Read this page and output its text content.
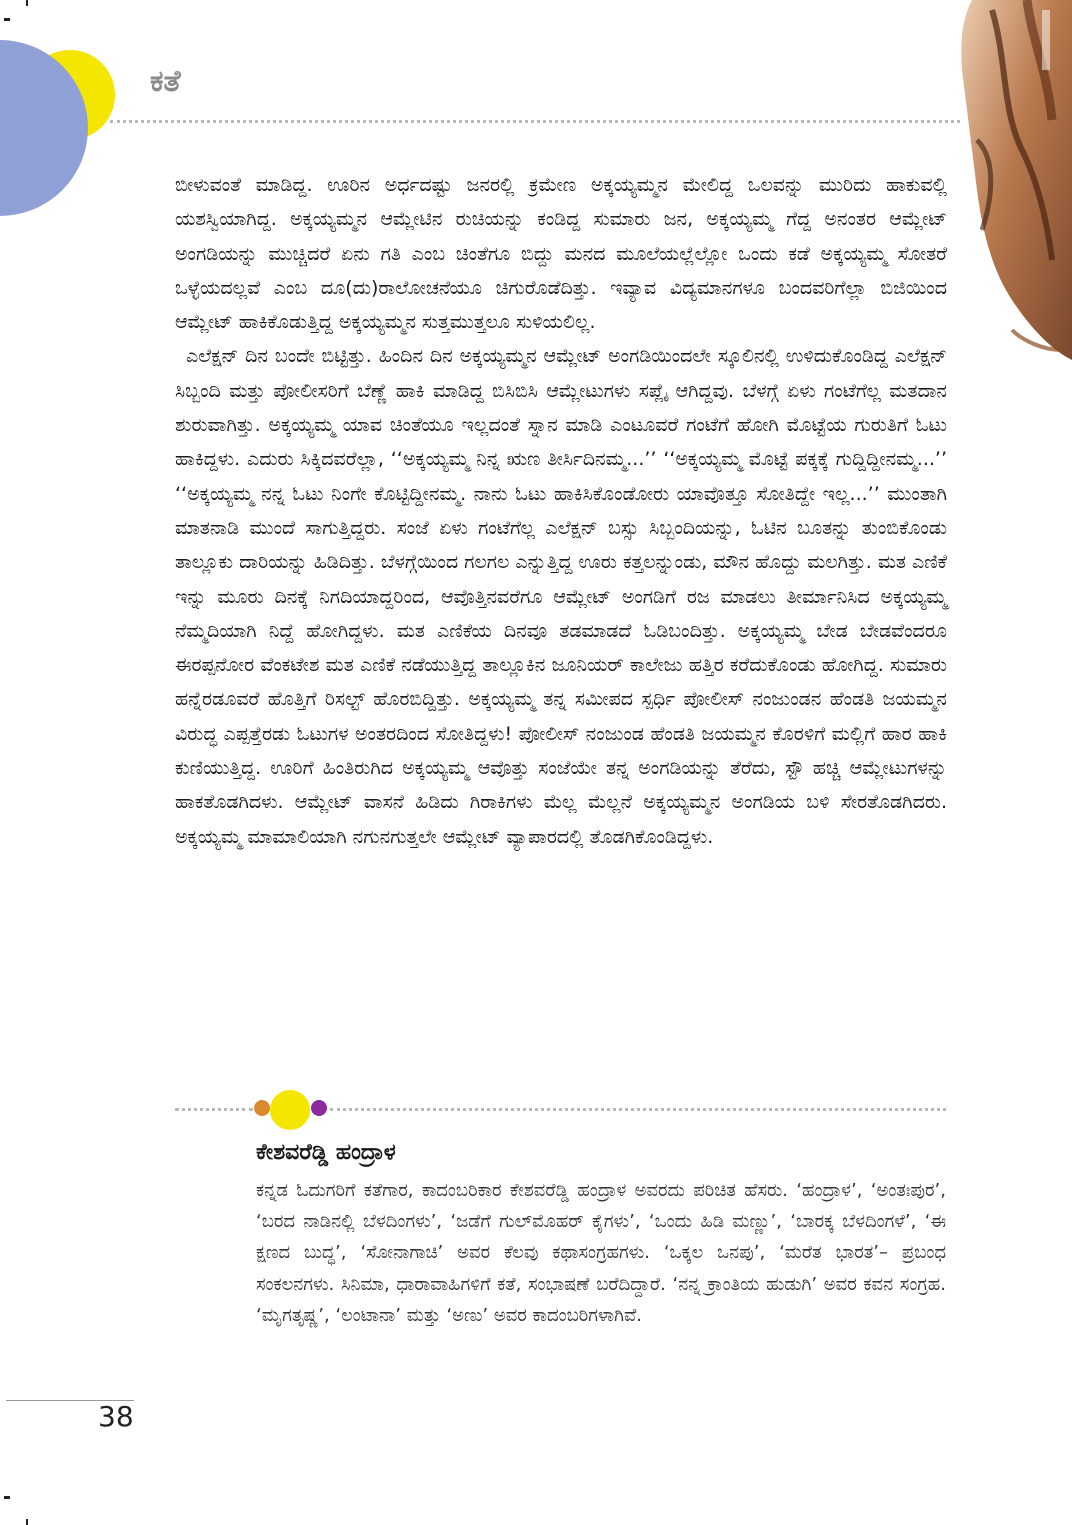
ಕತೆ

ಬೀಳುವಂತೆ ಮಾಡಿದ್ದ. ಊರಿನ ಅರ್ಧದಷ್ಟು ಜನರಲ್ಲಿ ಕ್ರಮೇಣ ಅಕ್ಕಯ್ಯಮ್ಮನ ಮೇಲಿದ್ದ ಒಲವನ್ನು ಮುರಿದು ಹಾಕುವಲ್ಲಿ ಯಶಸ್ವಿಯಾಗಿದ್ದ. ಅಕ್ಕಯ್ಯಮ್ಮನ ಆಮ್ಲೇಟಿನ ರುಚಿಯನ್ನು ಕಂಡಿದ್ದ ಸುಮಾರು ಜನ, ಅಕ್ಕಯ್ಯಮ್ಮ ಗೆದ್ದ ಅನಂತರ ಆಮ್ಲೇಟ್ ಅಂಗಡಿಯನ್ನು ಮುಚ್ಚಿದರೆ ಏನು ಗತಿ ಎಂಬ ಚಿಂತೆಗೂ ಬಿದ್ದು ಮನದ ಮೂಲೆಯಲ್ಲೆಲ್ಲೋ ಒಂದು ಕಡೆ ಅಕ್ಕಯ್ಯಮ್ಮ ಸೋತರೆ ಒಳ್ಳೆಯದಲ್ಲವೆ ಎಂಬ ದೂ(ದು)ರಾಲೋಚನೆಯೂ ಚಿಗುರೊಡೆದಿತ್ತು. ಇವ್ಯಾವ ವಿದ್ಯಮಾನಗಳೂ ಬಂದವರಿಗೆಲ್ಲಾ ಬಿಜಿಯಿಂದ ಆಮ್ಲೇಟ್ ಹಾಕಿಕೊಡುತ್ತಿದ್ದ ಅಕ್ಕಯ್ಯಮ್ಮನ ಸುತ್ತಮುತ್ತಲೂ ಸುಳಿಯಲಿಲ್ಲ.

ಎಲೆಕ್ಷನ್ ದಿನ ಬಂದೇ ಬಿಟ್ಟಿತ್ತು. ಹಿಂದಿನ ದಿನ ಅಕ್ಕಯ್ಯಮ್ಮನ ಆಮ್ಲೇಟ್ ಅಂಗಡಿಯಿಂದಲೇ ಸ್ಕೂಲಿನಲ್ಲಿ ಉಳಿದುಕೊಂಡಿದ್ದ ಎಲೆಕ್ಷನ್ ಸಿಬ್ಬಂದಿ ಮತ್ತು ಪೋಲೀಸರಿಗೆ ಬೆಣ್ಣೆ ಹಾಕಿ ಮಾಡಿದ್ದ ಬಿಸಿಬಿಸಿ ಆಮ್ಲೇಟುಗಳು ಸಪ್ಲೈ ಆಗಿದ್ದವು. ಬೆಳಗ್ಗೆ ಏಳು ಗಂಟೆಗೆಲ್ಲ ಮತದಾನ ಶುರುವಾಗಿತ್ತು. ಅಕ್ಕಯ್ಯಮ್ಮ ಯಾವ ಚಿಂತೆಯೂ ಇಲ್ಲದಂತೆ ಸ್ನಾನ ಮಾಡಿ ಎಂಟೂವರೆ ಗಂಟೆಗೆ ಹೋಗಿ ಮೊಟ್ಟೆಯ ಗುರುತಿಗೆ ಓಟು ಹಾಕಿದ್ದಳು. ಎದುರು ಸಿಕ್ಕಿದವರೆಲ್ಲಾ, ‘‘ಅಕ್ಕಯ್ಯಮ್ಮ ನಿನ್ನ ಋಣ ತೀರ್ಸಿದಿನಮ್ಮ...’’ ‘‘ಅಕ್ಕಯ್ಯಮ್ಮ ಮೊಟ್ಟೆ ಪಕ್ಕಕ್ಕೆ ಗುದ್ದಿದ್ದೀನಮ್ಮ...’’ ‘‘ಅಕ್ಕಯ್ಯಮ್ಮ ನನ್ನ ಓಟು ನಿಂಗೇ ಕೊಟ್ಟಿದ್ದೀನಮ್ಮ. ನಾನು ಓಟು ಹಾಕಿಸಿಕೊಂಡೋರು ಯಾವೊತ್ತೂ ಸೋತಿದ್ದೇ ಇಲ್ಲ...’’ ಮುಂತಾಗಿ ಮಾತನಾಡಿ ಮುಂದೆ ಸಾಗುತ್ತಿದ್ದರು. ಸಂಜೆ ಏಳು ಗಂಟೆಗೆಲ್ಲ ಎಲೆಕ್ಷನ್ ಬಸ್ಸು ಸಿಬ್ಬಂದಿಯನ್ನು, ಓಟಿನ ಬೂತನ್ನು ತುಂಬಿಕೊಂಡು ತಾಲ್ಲೂಕು ದಾರಿಯನ್ನು ಹಿಡಿದಿತ್ತು. ಬೆಳಗ್ಗೆಯಿಂದ ಗಲಗಲ ಎನ್ನುತ್ತಿದ್ದ ಊರು ಕತ್ತಲನ್ನುಂಡು, ಮೌನ ಹೊದ್ದು ಮಲಗಿತ್ತು. ಮತ ಎಣಿಕೆ ಇನ್ನು ಮೂರು ದಿನಕ್ಕೆ ನಿಗದಿಯಾದ್ದರಿಂದ, ಆವೊತ್ತಿನವರೆಗೂ ಆಮ್ಲೇಟ್ ಅಂಗಡಿಗೆ ರಜ ಮಾಡಲು ತೀರ್ಮಾನಿಸಿದ ಅಕ್ಕಯ್ಯಮ್ಮ ನೆಮ್ಮದಿಯಾಗಿ ನಿದ್ದೆ ಹೋಗಿದ್ದಳು. ಮತ ಎಣಿಕೆಯ ದಿನವೂ ತಡಮಾಡದೆ ಓಡಿಬಂದಿತ್ತು. ಅಕ್ಕಯ್ಯಮ್ಮ ಬೇಡ ಬೇಡವೆಂದರೂ ಈರಪ್ಪನೋರ ವೆಂಕಟೇಶ ಮತ ಎಣಿಕೆ ನಡೆಯುತ್ತಿದ್ದ ತಾಲ್ಲೂಕಿನ ಜೂನಿಯರ್ ಕಾಲೇಜು ಹತ್ತಿರ ಕರೆದುಕೊಂಡು ಹೋಗಿದ್ದ. ಸುಮಾರು ಹನ್ನೆರಡೂವರೆ ಹೊತ್ತಿಗೆ ರಿಸಲ್ಟ್ ಹೊರಬಿದ್ದಿತ್ತು. ಅಕ್ಕಯ್ಯಮ್ಮ ತನ್ನ ಸಮೀಪದ ಸ್ಪರ್ಧಿ ಪೋಲೀಸ್ ನಂಜುಂಡನ ಹೆಂಡತಿ ಜಯಮ್ಮನ ವಿರುದ್ಧ ಎಪ್ಪತ್ತೆರಡು ಓಟುಗಳ ಅಂತರದಿಂದ ಸೋತಿದ್ದಳು! ಪೋಲೀಸ್ ನಂಜುಂಡ ಹೆಂಡತಿ ಜಯಮ್ಮನ ಕೊರಳಿಗೆ ಮಲ್ಲಿಗೆ ಹಾರ ಹಾಕಿ ಕುಣಿಯುತ್ತಿದ್ದ. ಊರಿಗೆ ಹಿಂತಿರುಗಿದ ಅಕ್ಕಯ್ಯಮ್ಮ ಆವೊತ್ತು ಸಂಜೆಯೇ ತನ್ನ ಅಂಗಡಿಯನ್ನು ತೆರೆದು, ಸ್ಟೌ ಹಚ್ಚಿ ಆಮ್ಲೇಟುಗಳನ್ನು ಹಾಕತೊಡಗಿದಳು. ಆಮ್ಲೇಟ್ ವಾಸನೆ ಹಿಡಿದು ಗಿರಾಕಿಗಳು ಮೆಲ್ಲ ಮೆಲ್ಲನೆ ಅಕ್ಕಯ್ಯಮ್ಮನ ಅಂಗಡಿಯ ಬಳಿ ಸೇರತೊಡಗಿದರು. ಅಕ್ಕಯ್ಯಮ್ಮ ಮಾಮಾಲಿಯಾಗಿ ನಗುನಗುತ್ತಲೇ ಆಮ್ಲೇಟ್ ವ್ಯಾಪಾರದಲ್ಲಿ ತೊಡಗಿಕೊಂಡಿದ್ದಳು.

ಕೇಶವರೆಡ್ಡಿ ಹಂದ್ರಾಳ

ಕನ್ನಡ ಓದುಗರಿಗೆ ಕತೆಗಾರ, ಕಾದಂಬರಿಕಾರ ಕೇಶವರೆಡ್ಡಿ ಹಂದ್ರಾಳ ಅವರದು ಪರಿಚಿತ ಹೆಸರು. ‘ಹಂದ್ರಾಳ’, ‘ಅಂತಃಪುರ’, ‘ಬರದ ನಾಡಿನಲ್ಲಿ ಬೆಳದಿಂಗಳು’, ‘ಜಡೆಗೆ ಗುಲ್‌ಮೊಹರ್ ಕೈಗಳು’, ‘ಒಂದು ಹಿಡಿ ಮಣ್ಣು’, ‘ಬಾರಕ್ಕ ಬೆಳದಿಂಗಳೆ’, ‘ಈ ಕ್ಷಣದ ಬುದ್ಧ’, ‘ಸೋನಾಗಾಚಿ’ ಅವರ ಕೆಲವು ಕಥಾಸಂಗ್ರಹಗಳು. ‘ಒಕ್ಕಲ ಒನಪು’, ‘ಮರೆತ ಭಾರತ’– ಪ್ರಬಂಧ ಸಂಕಲನಗಳು. ಸಿನಿಮಾ, ಧಾರಾವಾಹಿಗಳಿಗೆ ಕತೆ, ಸಂಭಾಷಣೆ ಬರೆದಿದ್ದಾರೆ. ‘ನನ್ನ ಕ್ರಾಂತಿಯ ಹುಡುಗಿ’ ಅವರ ಕವನ ಸಂಗ್ರಹ. ‘ಮೃಗತೃಷ್ಣ’, ‘ಲಂಟಾನಾ’ ಮತ್ತು ‘ಅಣು’ ಅವರ ಕಾದಂಬರಿಗಳಾಗಿವೆ.

38
